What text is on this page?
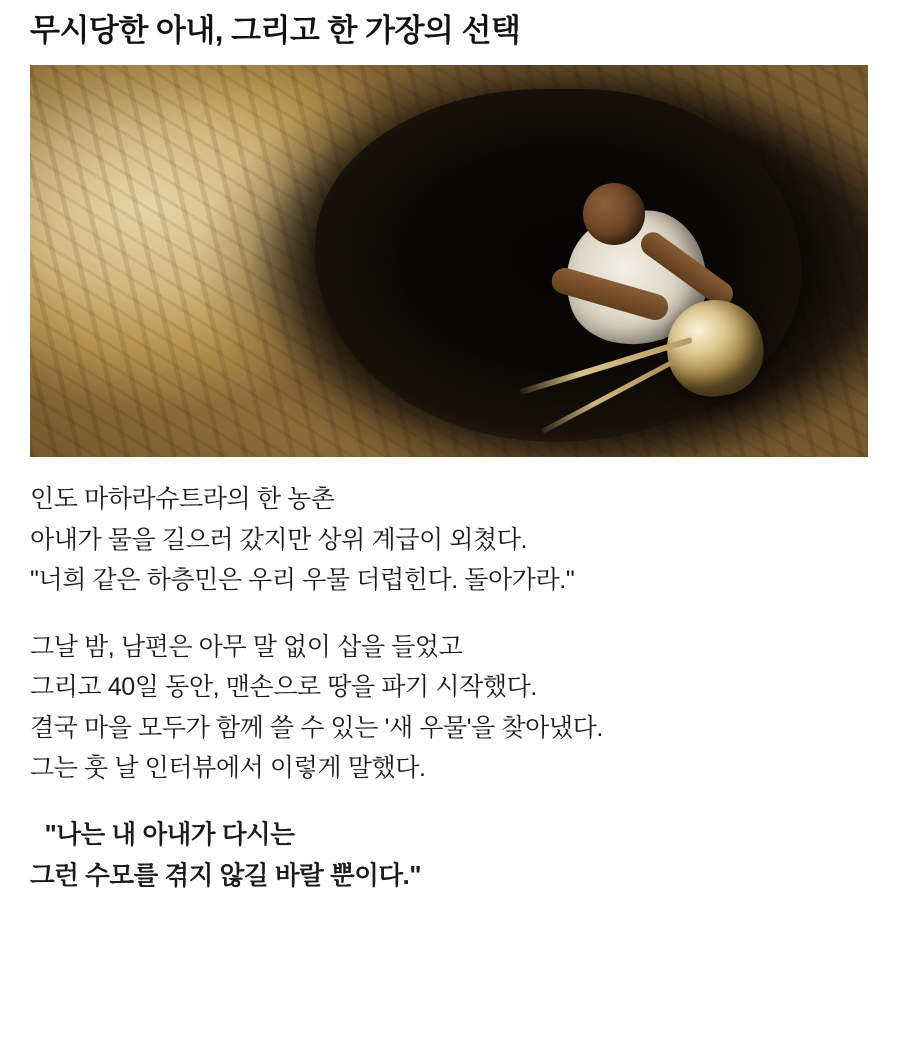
무시당한 아내, 그리고 한 가장의 선택
인도 마하라슈트라의 한 농촌
아내가 물을 길으러 갔지만 상위 계급이 외쳤다.
"너희 같은 하층민은 우리 우물 더럽힌다. 돌아가라."
그날 밤, 남편은 아무 말 없이 삽을 들었고
그리고 40일 동안, 맨손으로 땅을 파기 시작했다.
결국 마을 모두가 함께 쓸 수 있는 '새 우물'을 찾아냈다.
그는 훗 날 인터뷰에서 이렇게 말했다.
"나는 내 아내가 다시는
그런 수모를 겪지 않길 바랄 뿐이다."
